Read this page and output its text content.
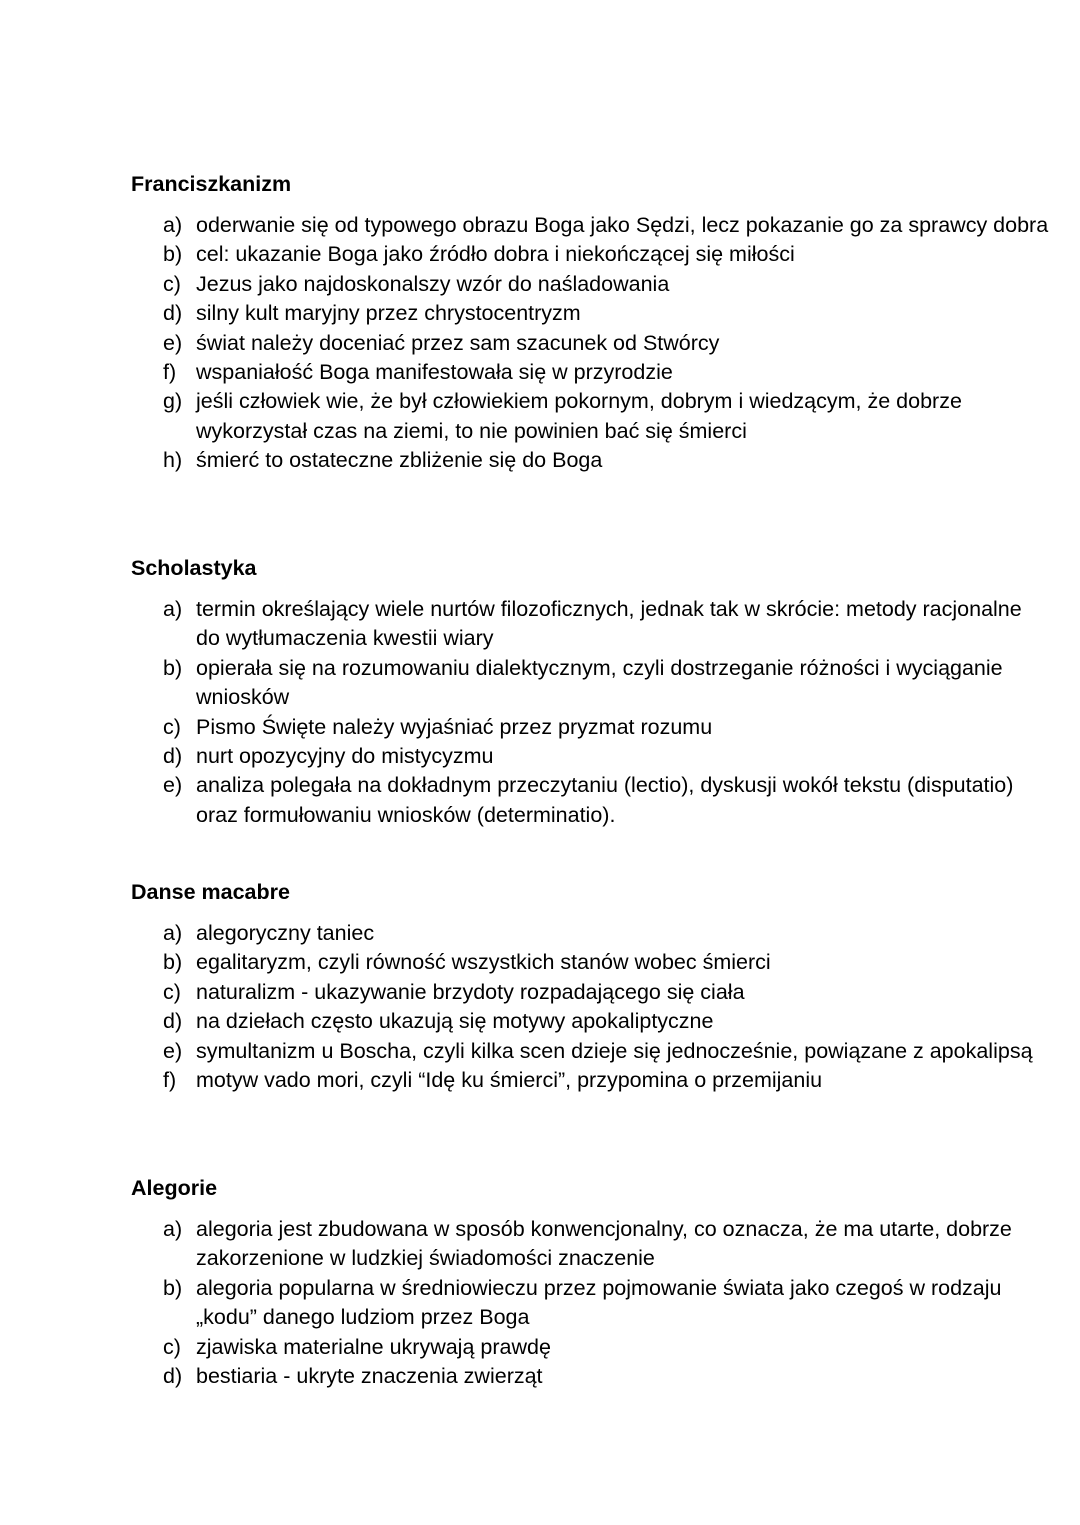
Franciszkanizm
a) oderwanie się od typowego obrazu Boga jako Sędzi, lecz pokazanie go za sprawcy dobra
b) cel: ukazanie Boga jako źródło dobra i niekończącej się miłości
c) Jezus jako najdoskonalszy wzór do naśladowania
d) silny kult maryjny przez chrystocentryzm
e) świat należy doceniać przez sam szacunek od Stwórcy
f) wspaniałość Boga manifestowała się w przyrodzie
g) jeśli człowiek wie, że był człowiekiem pokornym, dobrym i wiedzącym, że dobrze wykorzystał czas na ziemi, to nie powinien bać się śmierci
h) śmierć to ostateczne zbliżenie się do Boga
Scholastyka
a) termin określający wiele nurtów filozoficznych, jednak tak w skrócie: metody racjonalne do wytłumaczenia kwestii wiary
b) opierała się na rozumowaniu dialektycznym, czyli dostrzeganie różności i wyciąganie wniosków
c) Pismo Święte należy wyjaśniać przez pryzmat rozumu
d) nurt opozycyjny do mistycyzmu
e) analiza polegała na dokładnym przeczytaniu (lectio), dyskusji wokół tekstu (disputatio) oraz formułowaniu wniosków (determinatio).
Danse macabre
a) alegoryczny taniec
b) egalitaryzm, czyli równość wszystkich stanów wobec śmierci
c) naturalizm - ukazywanie brzydoty rozpadającego się ciała
d) na dziełach często ukazują się motywy apokaliptyczne
e) symultanizm u Boscha, czyli kilka scen dzieje się jednocześnie, powiązane z apokalipsą
f) motyw vado mori, czyli “Idę ku śmierci”, przypomina o przemijaniu
Alegorie
a) alegoria jest zbudowana w sposób konwencjonalny, co oznacza, że ma utarte, dobrze zakorzenione w ludzkiej świadomości znaczenie
b) alegoria popularna w średniowieczu przez pojmowanie świata jako czegoś w rodzaju „kodu” danego ludziom przez Boga
c) zjawiska materialne ukrywają prawdę
d) bestiaria - ukryte znaczenia zwierząt
